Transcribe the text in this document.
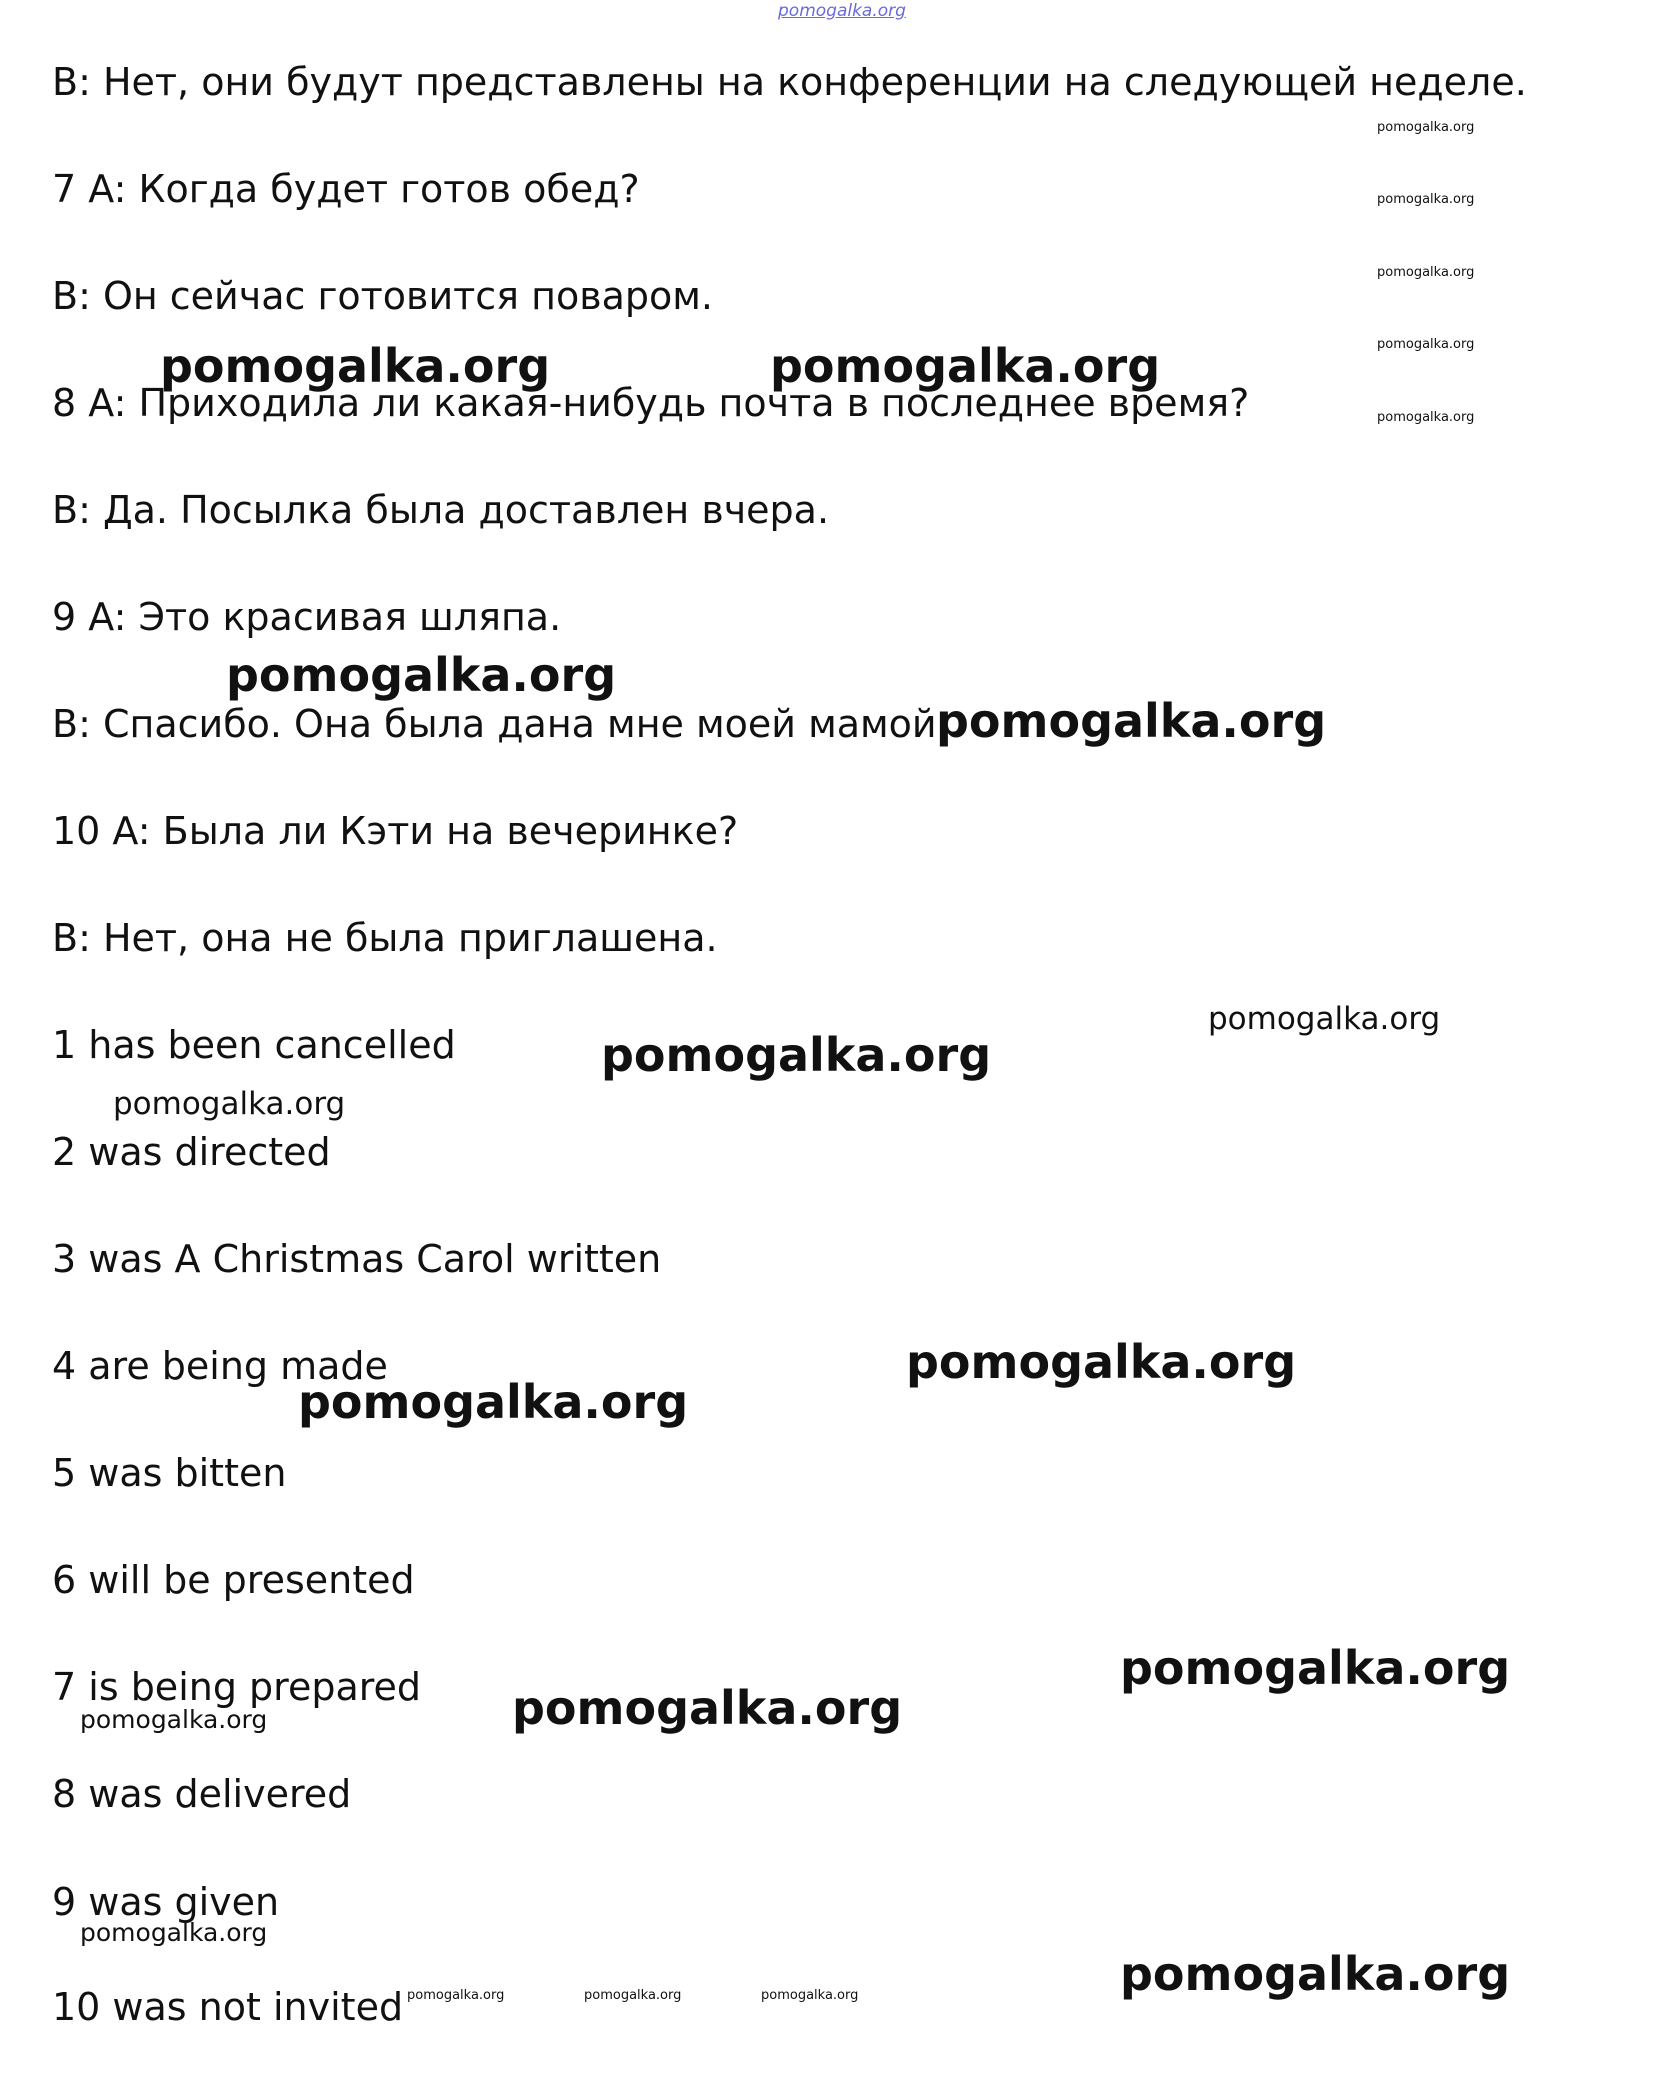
pomogalka.org
B: Нет, они будут представлены на конференции на следующей неделе.
7 A: Когда будет готов обед?
B: Он сейчас готовится поваром.
8 A: Приходила ли какая-нибудь почта в последнее время?
B: Да. Посылка была доставлен вчера.
9 A: Это красивая шляпа.
B: Спасибо. Она была дана мне моей мамой.
10 A: Была ли Кэти на вечеринке?
B: Нет, она не была приглашена.
1 has been cancelled
2 was directed
3 was A Christmas Carol written
4 are being made
5 was bitten
6 will be presented
7 is being prepared
8 was delivered
9 was given
10 was not invited
pomogalka.org	pomogalka.org
pomogalka.org
pomogalka.org
pomogalka.org
pomogalka.org
pomogalka.org
pomogalka.org
pomogalka.org
pomogalka.org
pomogalka.org
pomogalka.org
pomogalka.org
pomogalka.org
pomogalka.org
pomogalka.org
pomogalka.org
pomogalka.org
pomogalka.org
pomogalka.org	pomogalka.org	pomogalka.org
